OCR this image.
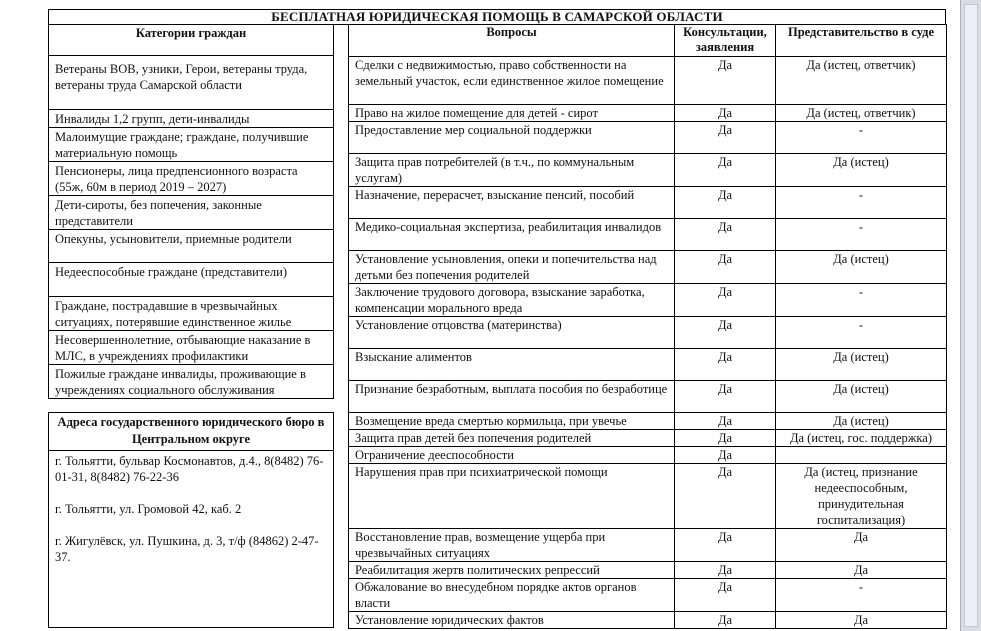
БЕСПЛАТНАЯ ЮРИДИЧЕСКАЯ ПОМОЩЬ В САМАРСКОЙ ОБЛАСТИ
Категории граждан
Ветераны ВОВ, узники, Герои, ветераны труда, ветераны труда Самарской области
Инвалиды 1,2 групп, дети-инвалиды
Малоимущие граждане; граждане, получившие материальную помощь
Пенсионеры, лица предпенсионного возраста (55ж, 60м в период 2019 – 2027)
Дети-сироты, без попечения, законные представители
Опекуны, усыновители, приемные родители
Недееспособные граждане (представители)
Граждане, пострадавшие в чрезвычайных ситуациях, потерявшие единственное жилье
Несовершеннолетние, отбывающие наказание в МЛС, в учреждениях профилактики
Пожилые граждане инвалиды, проживающие в учреждениях социального обслуживания
Вопросы	Консультации, заявления	Представительство в суде
Сделки с недвижимостью, право собственности на земельный участок, если единственное жилое помещение	Да	Да (истец, ответчик)
Право на жилое помещение для детей - сирот	Да	Да (истец, ответчик)
Предоставление мер социальной поддержки	Да	-
Защита прав потребителей (в т.ч., по коммунальным услугам)	Да	Да (истец)
Назначение, перерасчет, взыскание пенсий, пособий	Да	-
Медико-социальная экспертиза, реабилитация инвалидов	Да	-
Установление усыновления, опеки и попечительства над детьми без попечения родителей	Да	Да (истец)
Заключение трудового договора, взыскание заработка, компенсации морального вреда	Да	-
Установление отцовства (материнства)	Да	-
Взыскание алиментов	Да	Да (истец)
Признание безработным, выплата пособия по безработице	Да	Да (истец)
Возмещение вреда смертью кормильца, при увечье	Да	Да (истец)
Защита прав детей без попечения родителей	Да	Да (истец, гос. поддержка)
Ограничение дееспособности	Да	
Нарушения прав при психиатрической помощи	Да	Да (истец, признание недееспособным, принудительная госпитализация)
Восстановление прав, возмещение ущерба при чрезвычайных ситуациях	Да	Да
Реабилитация жертв политических репрессий	Да	Да
Обжалование во внесудебном порядке актов органов власти	Да	-
Установление юридических фактов	Да	Да
Адреса государственного юридического бюро в Центральном округе

г. Тольятти, бульвар Космонавтов, д.4., 8(8482) 76-01-31, 8(8482) 76-22-36
г. Тольятти, ул. Громовой 42, каб. 2
г. Жигулёвск, ул. Пушкина, д. 3, т/ф (84862) 2-47-37.
